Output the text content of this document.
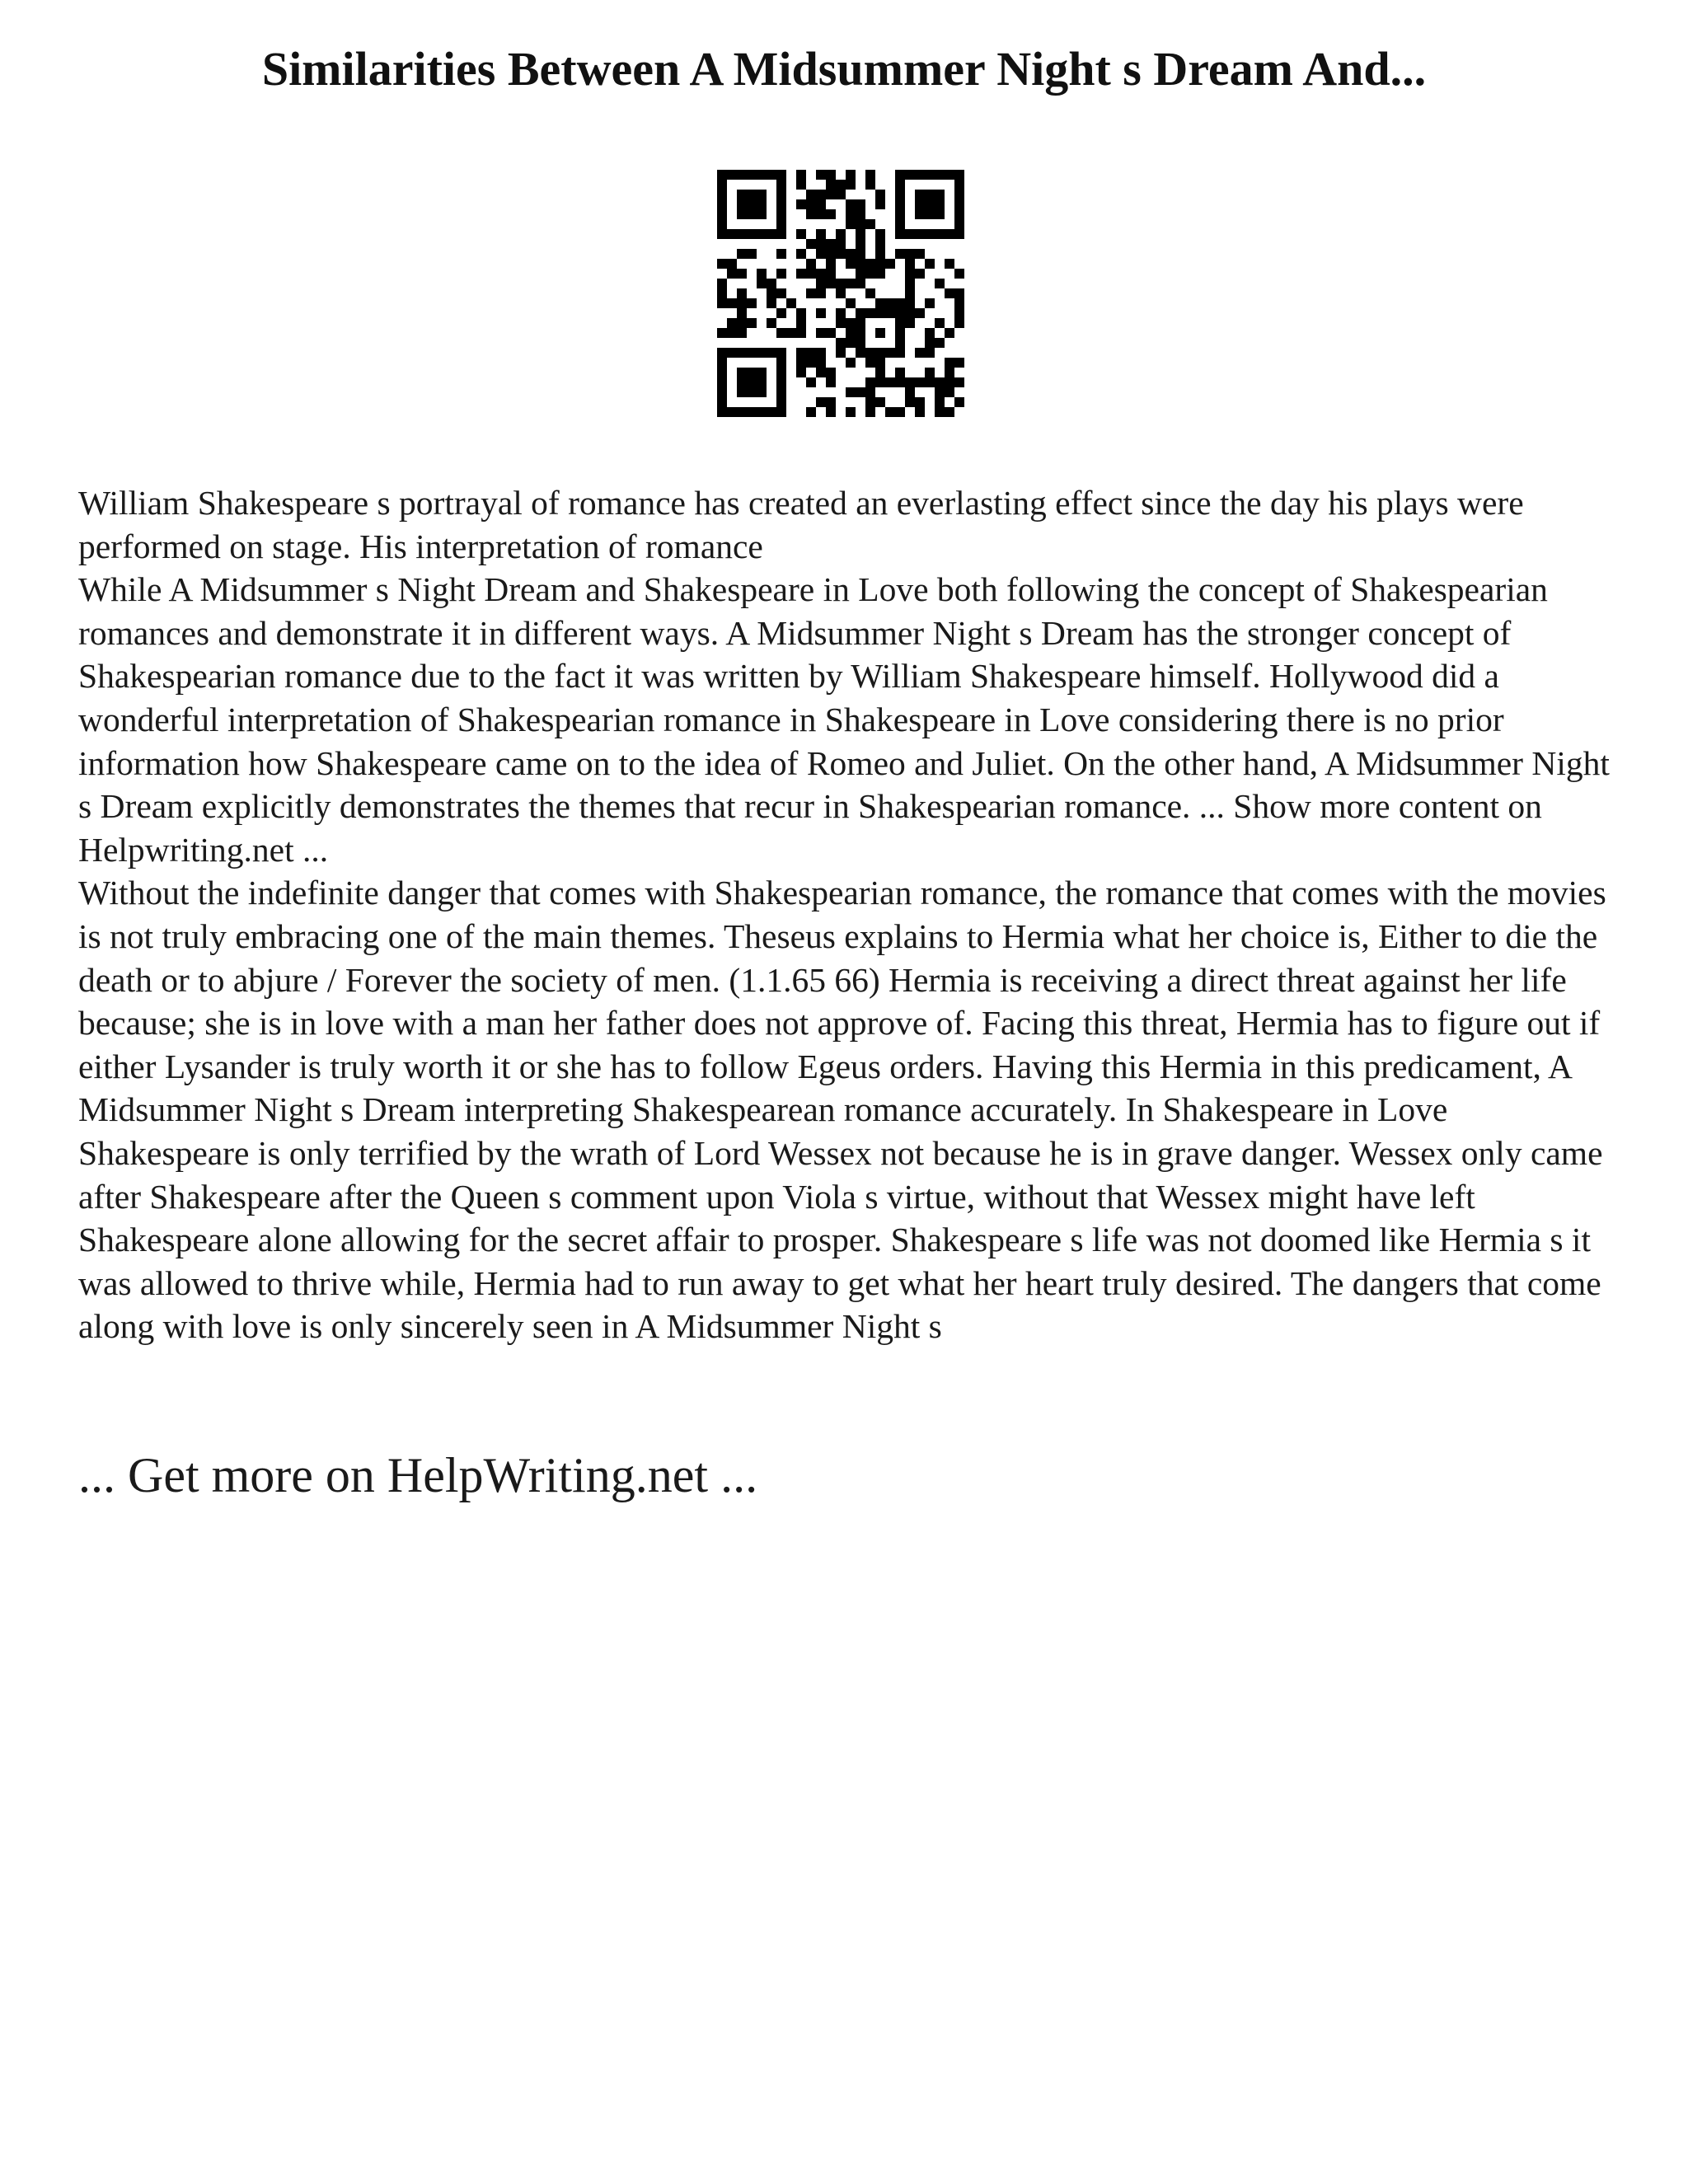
Similarities Between A Midsummer Night s Dream And...

William Shakespeare s portrayal of romance has created an everlasting effect since the day his plays were performed on stage. His interpretation of romance

While A Midsummer s Night Dream and Shakespeare in Love both following the concept of Shakespearian romances and demonstrate it in different ways. A Midsummer Night s Dream has the stronger concept of Shakespearian romance due to the fact it was written by William Shakespeare himself. Hollywood did a wonderful interpretation of Shakespearian romance in Shakespeare in Love considering there is no prior information how Shakespeare came on to the idea of Romeo and Juliet. On the other hand, A Midsummer Night s Dream explicitly demonstrates the themes that recur in Shakespearian romance. ... Show more content on Helpwriting.net ...

Without the indefinite danger that comes with Shakespearian romance, the romance that comes with the movies is not truly embracing one of the main themes. Theseus explains to Hermia what her choice is, Either to die the death or to abjure / Forever the society of men. (1.1.65 66) Hermia is receiving a direct threat against her life because; she is in love with a man her father does not approve of. Facing this threat, Hermia has to figure out if either Lysander is truly worth it or she has to follow Egeus orders. Having this Hermia in this predicament, A Midsummer Night s Dream interpreting Shakespearean romance accurately. In Shakespeare in Love Shakespeare is only terrified by the wrath of Lord Wessex not because he is in grave danger. Wessex only came after Shakespeare after the Queen s comment upon Viola s virtue, without that Wessex might have left Shakespeare alone allowing for the secret affair to prosper. Shakespeare s life was not doomed like Hermia s it was allowed to thrive while, Hermia had to run away to get what her heart truly desired. The dangers that come along with love is only sincerely seen in A Midsummer Night s

... Get more on HelpWriting.net ...
